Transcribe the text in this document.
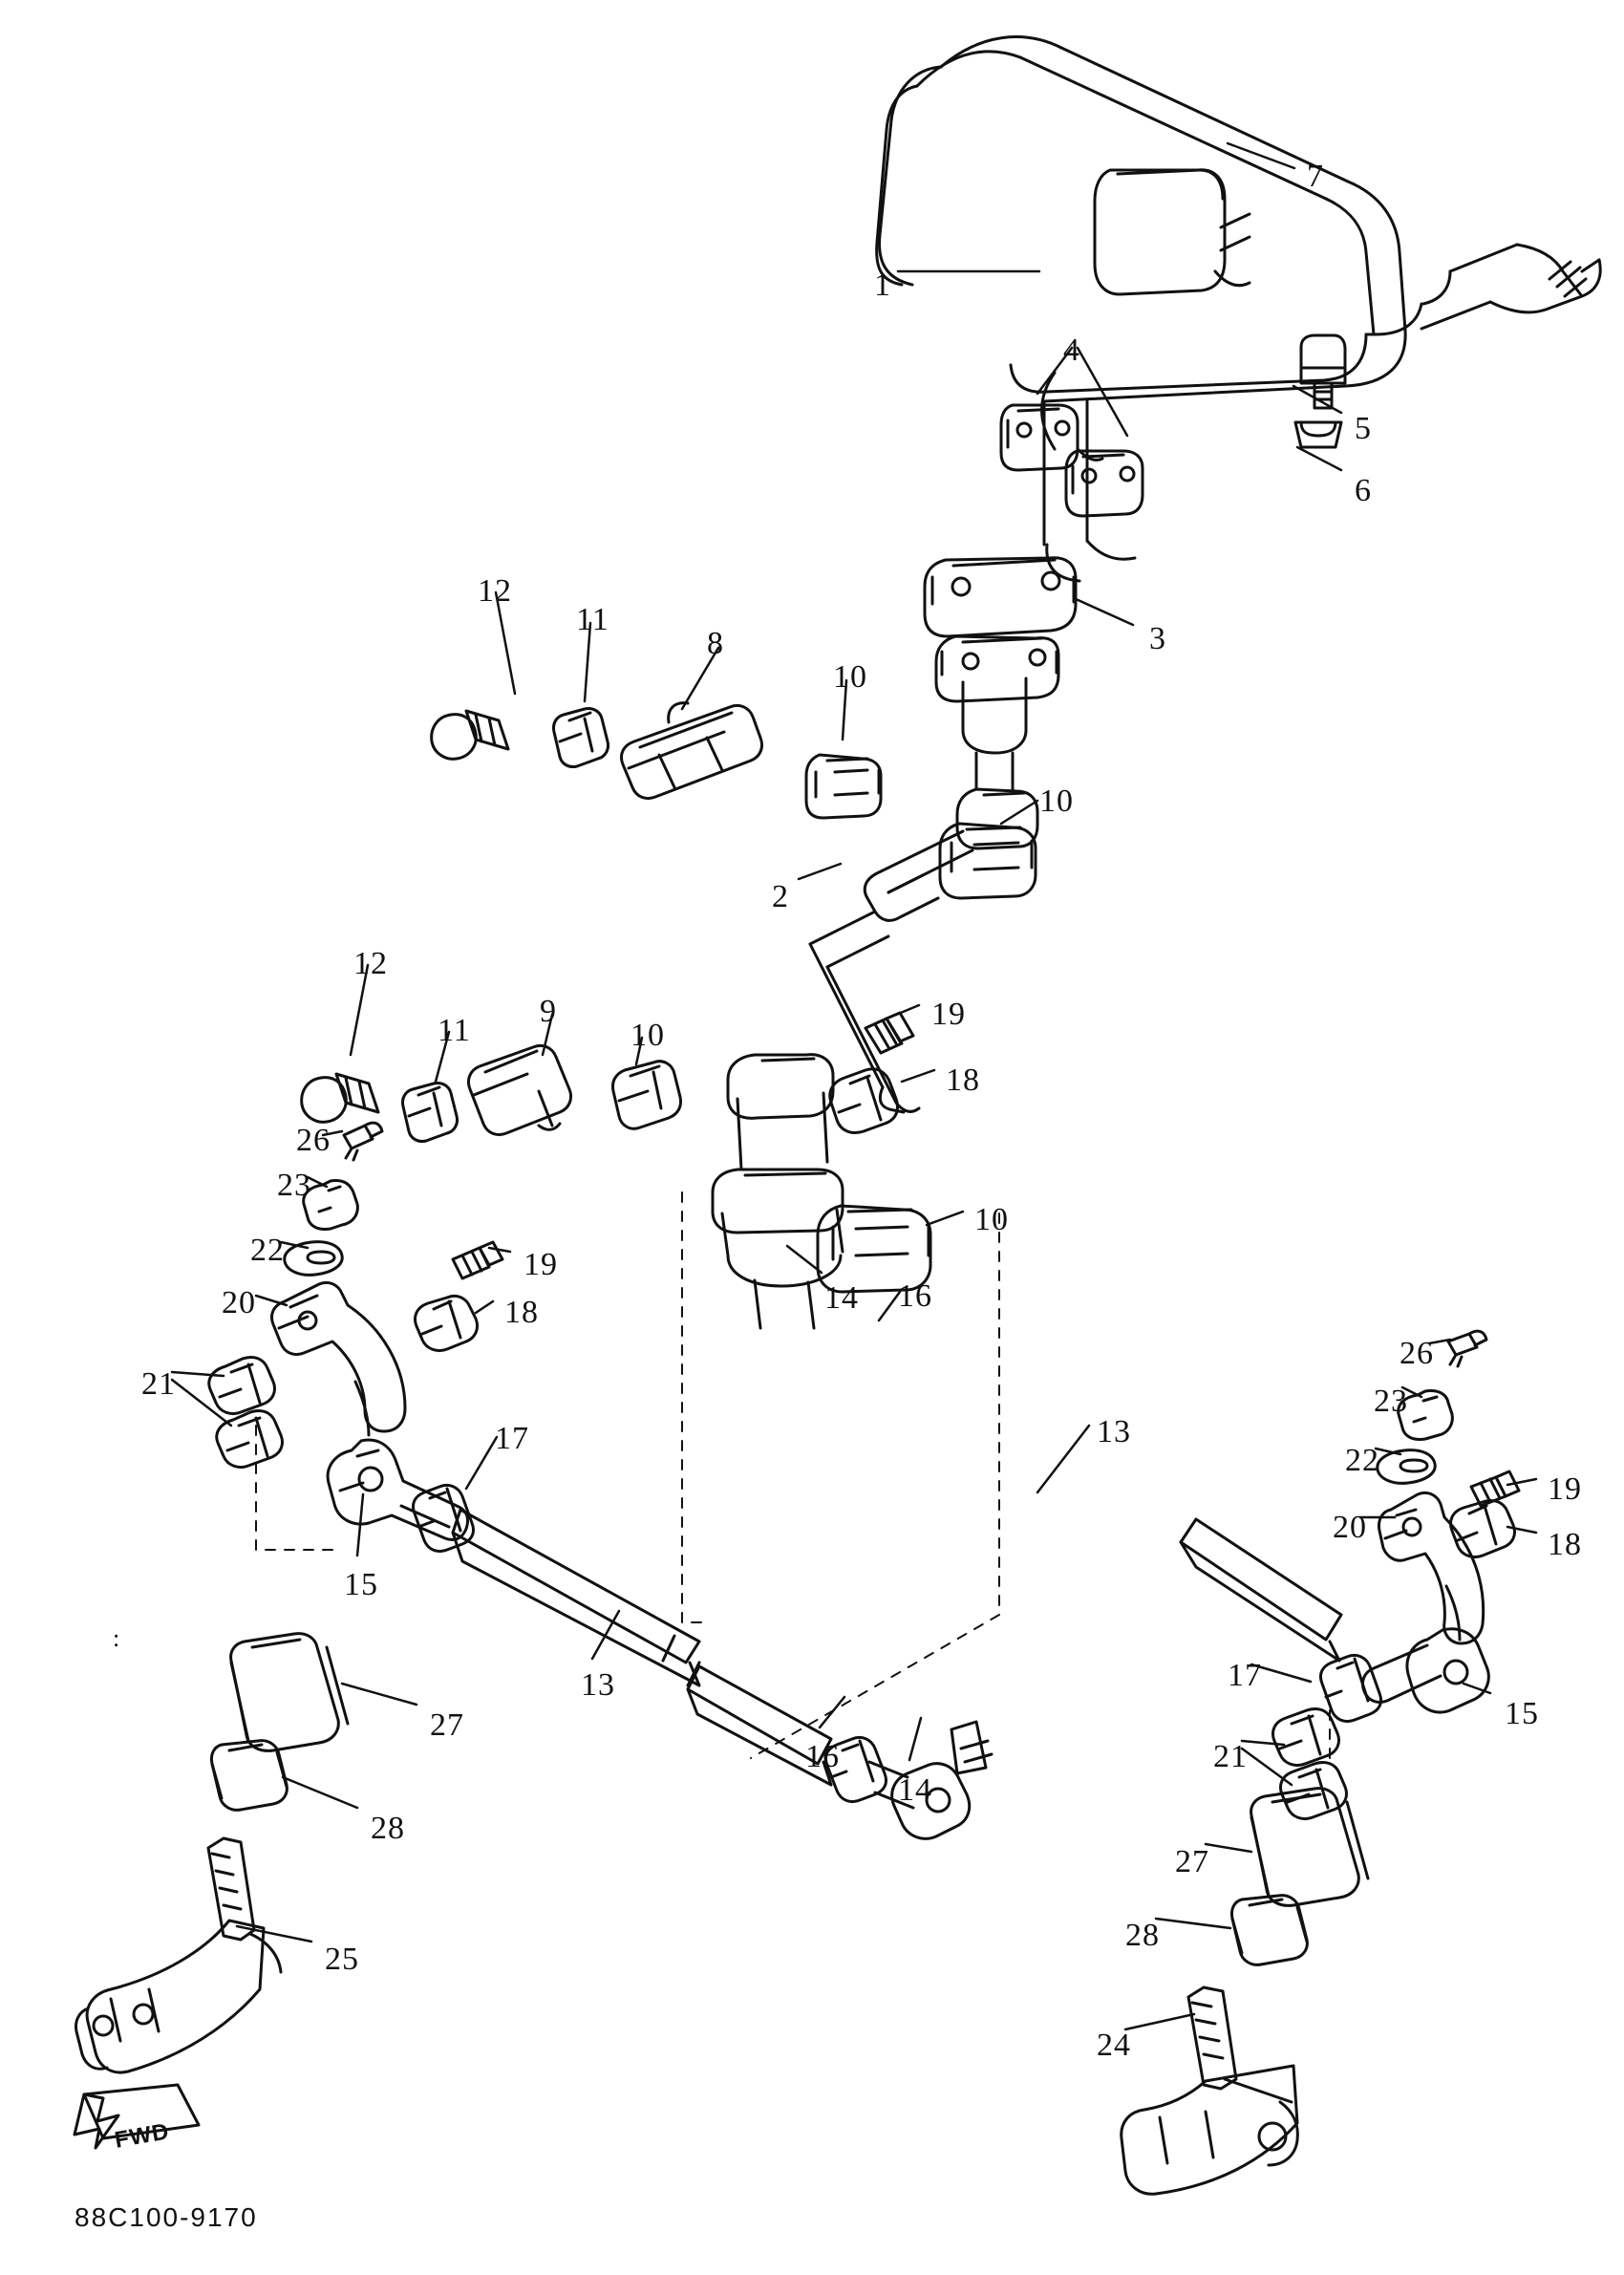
:
FWD
88C100-9170
7
1
4
5
6
12
11
8
10
3
10
2
12
11
9
10
19
18
26
23
22	19
18
20
10
21
14 16
26
23
22
19
13
17
20	18
15
13
16
14
17
15
21
27
28
27
28
25
24
